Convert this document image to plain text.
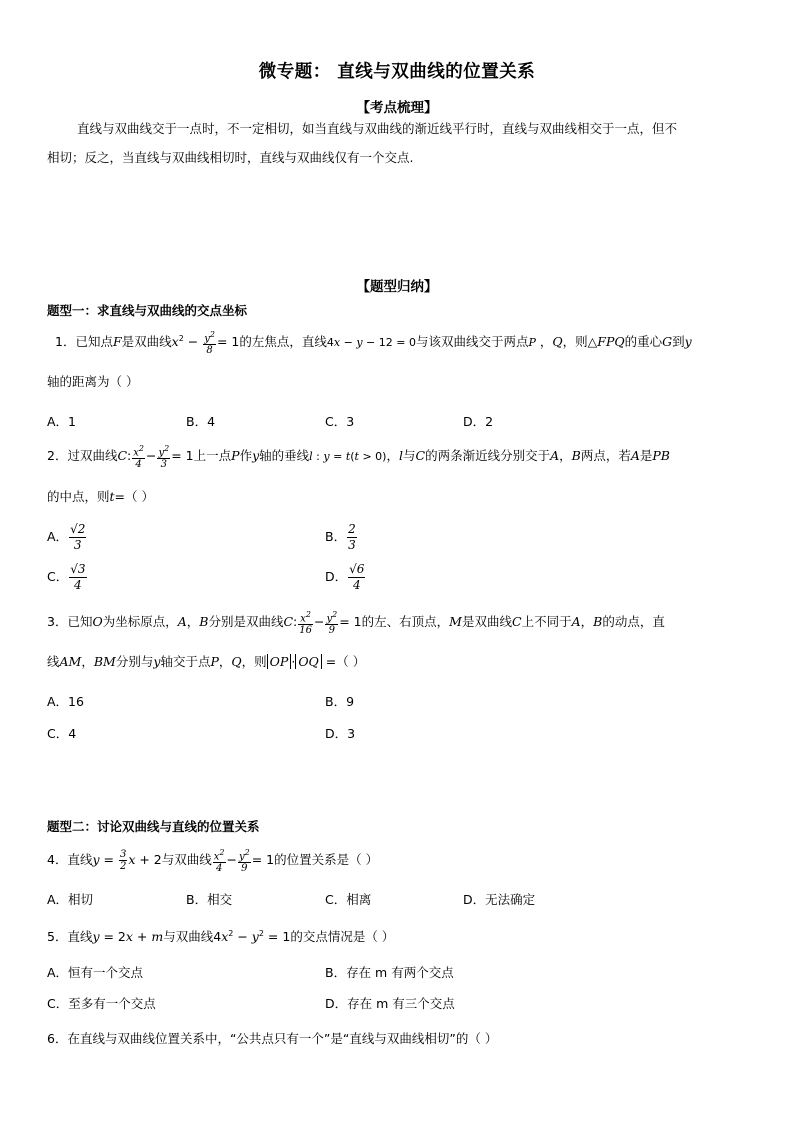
微专题： 直线与双曲线的位置关系
【考点梳理】
直线与双曲线交于一点时，不一定相切，如当直线与双曲线的渐近线平行时，直线与双曲线相交于一点，但不
相切；反之，当直线与双曲线相切时，直线与双曲线仅有一个交点.
【题型归纳】
题型一：求直线与双曲线的交点坐标
1．已知点F是双曲线$x^2 - \frac{y^2}{8} = 1$的左焦点，直线4x − y − 12 = 0与该双曲线交于两点P ，Q，则△FPQ的重心G到y
轴的距离为（ ）
A．1	B．4	C．3	D．2
2．过双曲线C: $\frac{x^2}{4} - \frac{y^2}{3} = 1$上一点P作y轴的垂线l : y = t(t > 0)，l与C的两条渐近线分别交于A，B两点，若A是PB
的中点，则t=（ ）
A． $\frac{√2}{3}$	B． $\frac{2}{3}$
C． $\frac{√3}{4}$	D． $\frac{√6}{4}$
3．已知O为坐标原点，A，B分别是双曲线C: $\frac{x^2}{16} - \frac{y^2}{9} = 1$的左、右顶点，M是双曲线C上不同于A，B的动点，直
线AM，BM分别与y轴交于点P，Q，则 OP · OQ =（ ）
A．16	B．9
C．4	D．3
题型二：讨论双曲线与直线的位置关系
4．直线$y = \frac{3}{2}$ x + 2与双曲线 $\frac{x^2}{4} - \frac{y^2}{9} = 1$的位置关系是（ ）
A．相切	B．相交	C．相离	D．无法确定
5．直线y = 2x + m与双曲线$4x^2 - y^2 = 1$的交点情况是（ ）
A．恒有一个交点	B．存在 m 有两个交点
C．至多有一个交点	D．存在 m 有三个交点
6．在直线与双曲线位置关系中，“公共点只有一个”是“直线与双曲线相切”的（ ）
